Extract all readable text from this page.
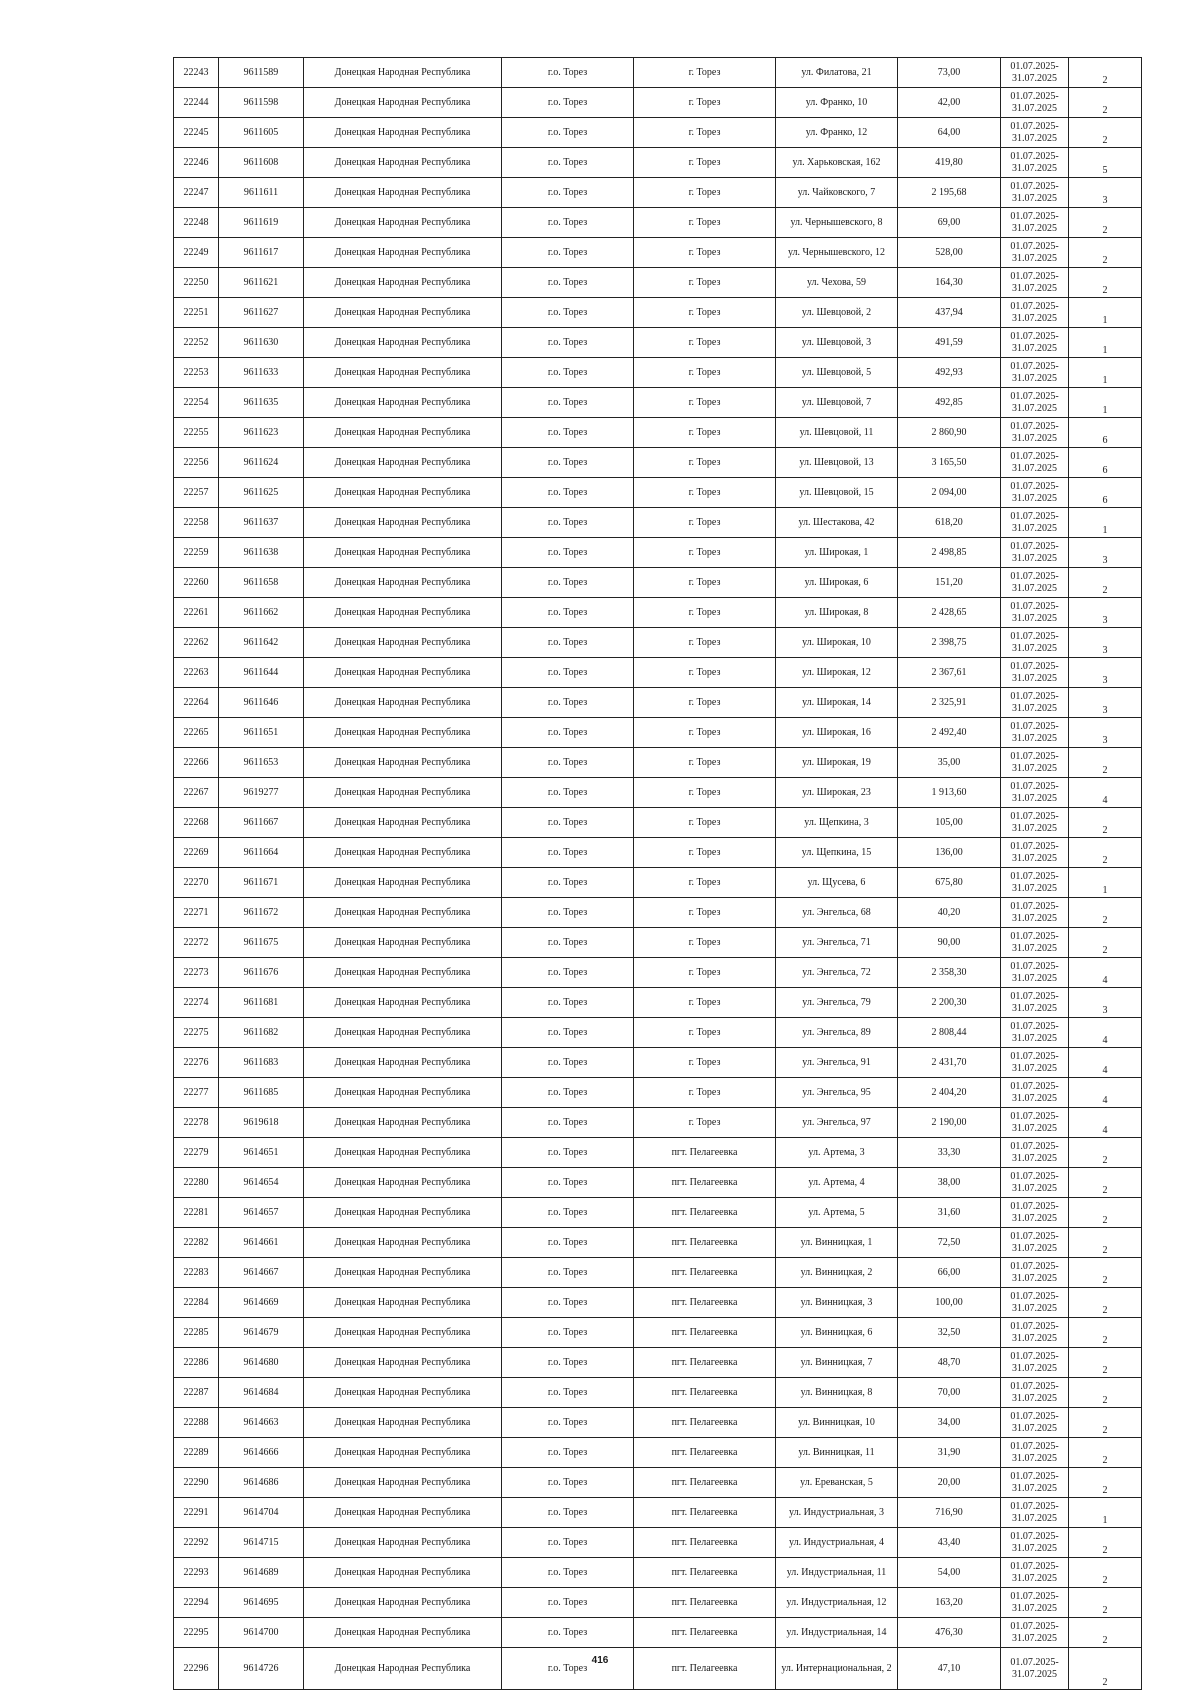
22243	9611589	Донецкая Народная Республика	г.о. Торез	г. Торез	ул. Филатова, 21	73,00	01.07.2025-
31.07.2025	2
22244	9611598	Донецкая Народная Республика	г.о. Торез	г. Торез	ул. Франко, 10	42,00	01.07.2025-
31.07.2025	2
22245	9611605	Донецкая Народная Республика	г.о. Торез	г. Торез	ул. Франко, 12	64,00	01.07.2025-
31.07.2025	2
22246	9611608	Донецкая Народная Республика	г.о. Торез	г. Торез	ул. Харьковская, 162	419,80	01.07.2025-
31.07.2025	5
22247	9611611	Донецкая Народная Республика	г.о. Торез	г. Торез	ул. Чайковского, 7	2 195,68	01.07.2025-
31.07.2025	3
22248	9611619	Донецкая Народная Республика	г.о. Торез	г. Торез	ул. Чернышевского, 8	69,00	01.07.2025-
31.07.2025	2
22249	9611617	Донецкая Народная Республика	г.о. Торез	г. Торез	ул. Чернышевского, 12	528,00	01.07.2025-
31.07.2025	2
22250	9611621	Донецкая Народная Республика	г.о. Торез	г. Торез	ул. Чехова, 59	164,30	01.07.2025-
31.07.2025	2
22251	9611627	Донецкая Народная Республика	г.о. Торез	г. Торез	ул. Шевцовой, 2	437,94	01.07.2025-
31.07.2025	1
22252	9611630	Донецкая Народная Республика	г.о. Торез	г. Торез	ул. Шевцовой, 3	491,59	01.07.2025-
31.07.2025	1
22253	9611633	Донецкая Народная Республика	г.о. Торез	г. Торез	ул. Шевцовой, 5	492,93	01.07.2025-
31.07.2025	1
22254	9611635	Донецкая Народная Республика	г.о. Торез	г. Торез	ул. Шевцовой, 7	492,85	01.07.2025-
31.07.2025	1
22255	9611623	Донецкая Народная Республика	г.о. Торез	г. Торез	ул. Шевцовой, 11	2 860,90	01.07.2025-
31.07.2025	6
22256	9611624	Донецкая Народная Республика	г.о. Торез	г. Торез	ул. Шевцовой, 13	3 165,50	01.07.2025-
31.07.2025	6
22257	9611625	Донецкая Народная Республика	г.о. Торез	г. Торез	ул. Шевцовой, 15	2 094,00	01.07.2025-
31.07.2025	6
22258	9611637	Донецкая Народная Республика	г.о. Торез	г. Торез	ул. Шестакова, 42	618,20	01.07.2025-
31.07.2025	1
22259	9611638	Донецкая Народная Республика	г.о. Торез	г. Торез	ул. Широкая, 1	2 498,85	01.07.2025-
31.07.2025	3
22260	9611658	Донецкая Народная Республика	г.о. Торез	г. Торез	ул. Широкая, 6	151,20	01.07.2025-
31.07.2025	2
22261	9611662	Донецкая Народная Республика	г.о. Торез	г. Торез	ул. Широкая, 8	2 428,65	01.07.2025-
31.07.2025	3
22262	9611642	Донецкая Народная Республика	г.о. Торез	г. Торез	ул. Широкая, 10	2 398,75	01.07.2025-
31.07.2025	3
22263	9611644	Донецкая Народная Республика	г.о. Торез	г. Торез	ул. Широкая, 12	2 367,61	01.07.2025-
31.07.2025	3
22264	9611646	Донецкая Народная Республика	г.о. Торез	г. Торез	ул. Широкая, 14	2 325,91	01.07.2025-
31.07.2025	3
22265	9611651	Донецкая Народная Республика	г.о. Торез	г. Торез	ул. Широкая, 16	2 492,40	01.07.2025-
31.07.2025	3
22266	9611653	Донецкая Народная Республика	г.о. Торез	г. Торез	ул. Широкая, 19	35,00	01.07.2025-
31.07.2025	2
22267	9619277	Донецкая Народная Республика	г.о. Торез	г. Торез	ул. Широкая, 23	1 913,60	01.07.2025-
31.07.2025	4
22268	9611667	Донецкая Народная Республика	г.о. Торез	г. Торез	ул. Щепкина, 3	105,00	01.07.2025-
31.07.2025	2
22269	9611664	Донецкая Народная Республика	г.о. Торез	г. Торез	ул. Щепкина, 15	136,00	01.07.2025-
31.07.2025	2
22270	9611671	Донецкая Народная Республика	г.о. Торез	г. Торез	ул. Щусева, 6	675,80	01.07.2025-
31.07.2025	1
22271	9611672	Донецкая Народная Республика	г.о. Торез	г. Торез	ул. Энгельса, 68	40,20	01.07.2025-
31.07.2025	2
22272	9611675	Донецкая Народная Республика	г.о. Торез	г. Торез	ул. Энгельса, 71	90,00	01.07.2025-
31.07.2025	2
22273	9611676	Донецкая Народная Республика	г.о. Торез	г. Торез	ул. Энгельса, 72	2 358,30	01.07.2025-
31.07.2025	4
22274	9611681	Донецкая Народная Республика	г.о. Торез	г. Торез	ул. Энгельса, 79	2 200,30	01.07.2025-
31.07.2025	3
22275	9611682	Донецкая Народная Республика	г.о. Торез	г. Торез	ул. Энгельса, 89	2 808,44	01.07.2025-
31.07.2025	4
22276	9611683	Донецкая Народная Республика	г.о. Торез	г. Торез	ул. Энгельса, 91	2 431,70	01.07.2025-
31.07.2025	4
22277	9611685	Донецкая Народная Республика	г.о. Торез	г. Торез	ул. Энгельса, 95	2 404,20	01.07.2025-
31.07.2025	4
22278	9619618	Донецкая Народная Республика	г.о. Торез	г. Торез	ул. Энгельса, 97	2 190,00	01.07.2025-
31.07.2025	4
22279	9614651	Донецкая Народная Республика	г.о. Торез	пгт. Пелагеевка	ул. Артема, 3	33,30	01.07.2025-
31.07.2025	2
22280	9614654	Донецкая Народная Республика	г.о. Торез	пгт. Пелагеевка	ул. Артема, 4	38,00	01.07.2025-
31.07.2025	2
22281	9614657	Донецкая Народная Республика	г.о. Торез	пгт. Пелагеевка	ул. Артема, 5	31,60	01.07.2025-
31.07.2025	2
22282	9614661	Донецкая Народная Республика	г.о. Торез	пгт. Пелагеевка	ул. Винницкая, 1	72,50	01.07.2025-
31.07.2025	2
22283	9614667	Донецкая Народная Республика	г.о. Торез	пгт. Пелагеевка	ул. Винницкая, 2	66,00	01.07.2025-
31.07.2025	2
22284	9614669	Донецкая Народная Республика	г.о. Торез	пгт. Пелагеевка	ул. Винницкая, 3	100,00	01.07.2025-
31.07.2025	2
22285	9614679	Донецкая Народная Республика	г.о. Торез	пгт. Пелагеевка	ул. Винницкая, 6	32,50	01.07.2025-
31.07.2025	2
22286	9614680	Донецкая Народная Республика	г.о. Торез	пгт. Пелагеевка	ул. Винницкая, 7	48,70	01.07.2025-
31.07.2025	2
22287	9614684	Донецкая Народная Республика	г.о. Торез	пгт. Пелагеевка	ул. Винницкая, 8	70,00	01.07.2025-
31.07.2025	2
22288	9614663	Донецкая Народная Республика	г.о. Торез	пгт. Пелагеевка	ул. Винницкая, 10	34,00	01.07.2025-
31.07.2025	2
22289	9614666	Донецкая Народная Республика	г.о. Торез	пгт. Пелагеевка	ул. Винницкая, 11	31,90	01.07.2025-
31.07.2025	2
22290	9614686	Донецкая Народная Республика	г.о. Торез	пгт. Пелагеевка	ул. Ереванская, 5	20,00	01.07.2025-
31.07.2025	2
22291	9614704	Донецкая Народная Республика	г.о. Торез	пгт. Пелагеевка	ул. Индустриальная, 3	716,90	01.07.2025-
31.07.2025	1
22292	9614715	Донецкая Народная Республика	г.о. Торез	пгт. Пелагеевка	ул. Индустриальная, 4	43,40	01.07.2025-
31.07.2025	2
22293	9614689	Донецкая Народная Республика	г.о. Торез	пгт. Пелагеевка	ул. Индустриальная, 11	54,00	01.07.2025-
31.07.2025	2
22294	9614695	Донецкая Народная Республика	г.о. Торез	пгт. Пелагеевка	ул. Индустриальная, 12	163,20	01.07.2025-
31.07.2025	2
22295	9614700	Донецкая Народная Республика	г.о. Торез	пгт. Пелагеевка	ул. Индустриальная, 14	476,30	01.07.2025-
31.07.2025	2
22296	9614726	Донецкая Народная Республика	г.о. Торез	пгт. Пелагеевка	ул. Интернациональная, 2	47,10	01.07.2025-
31.07.2025	2
416
